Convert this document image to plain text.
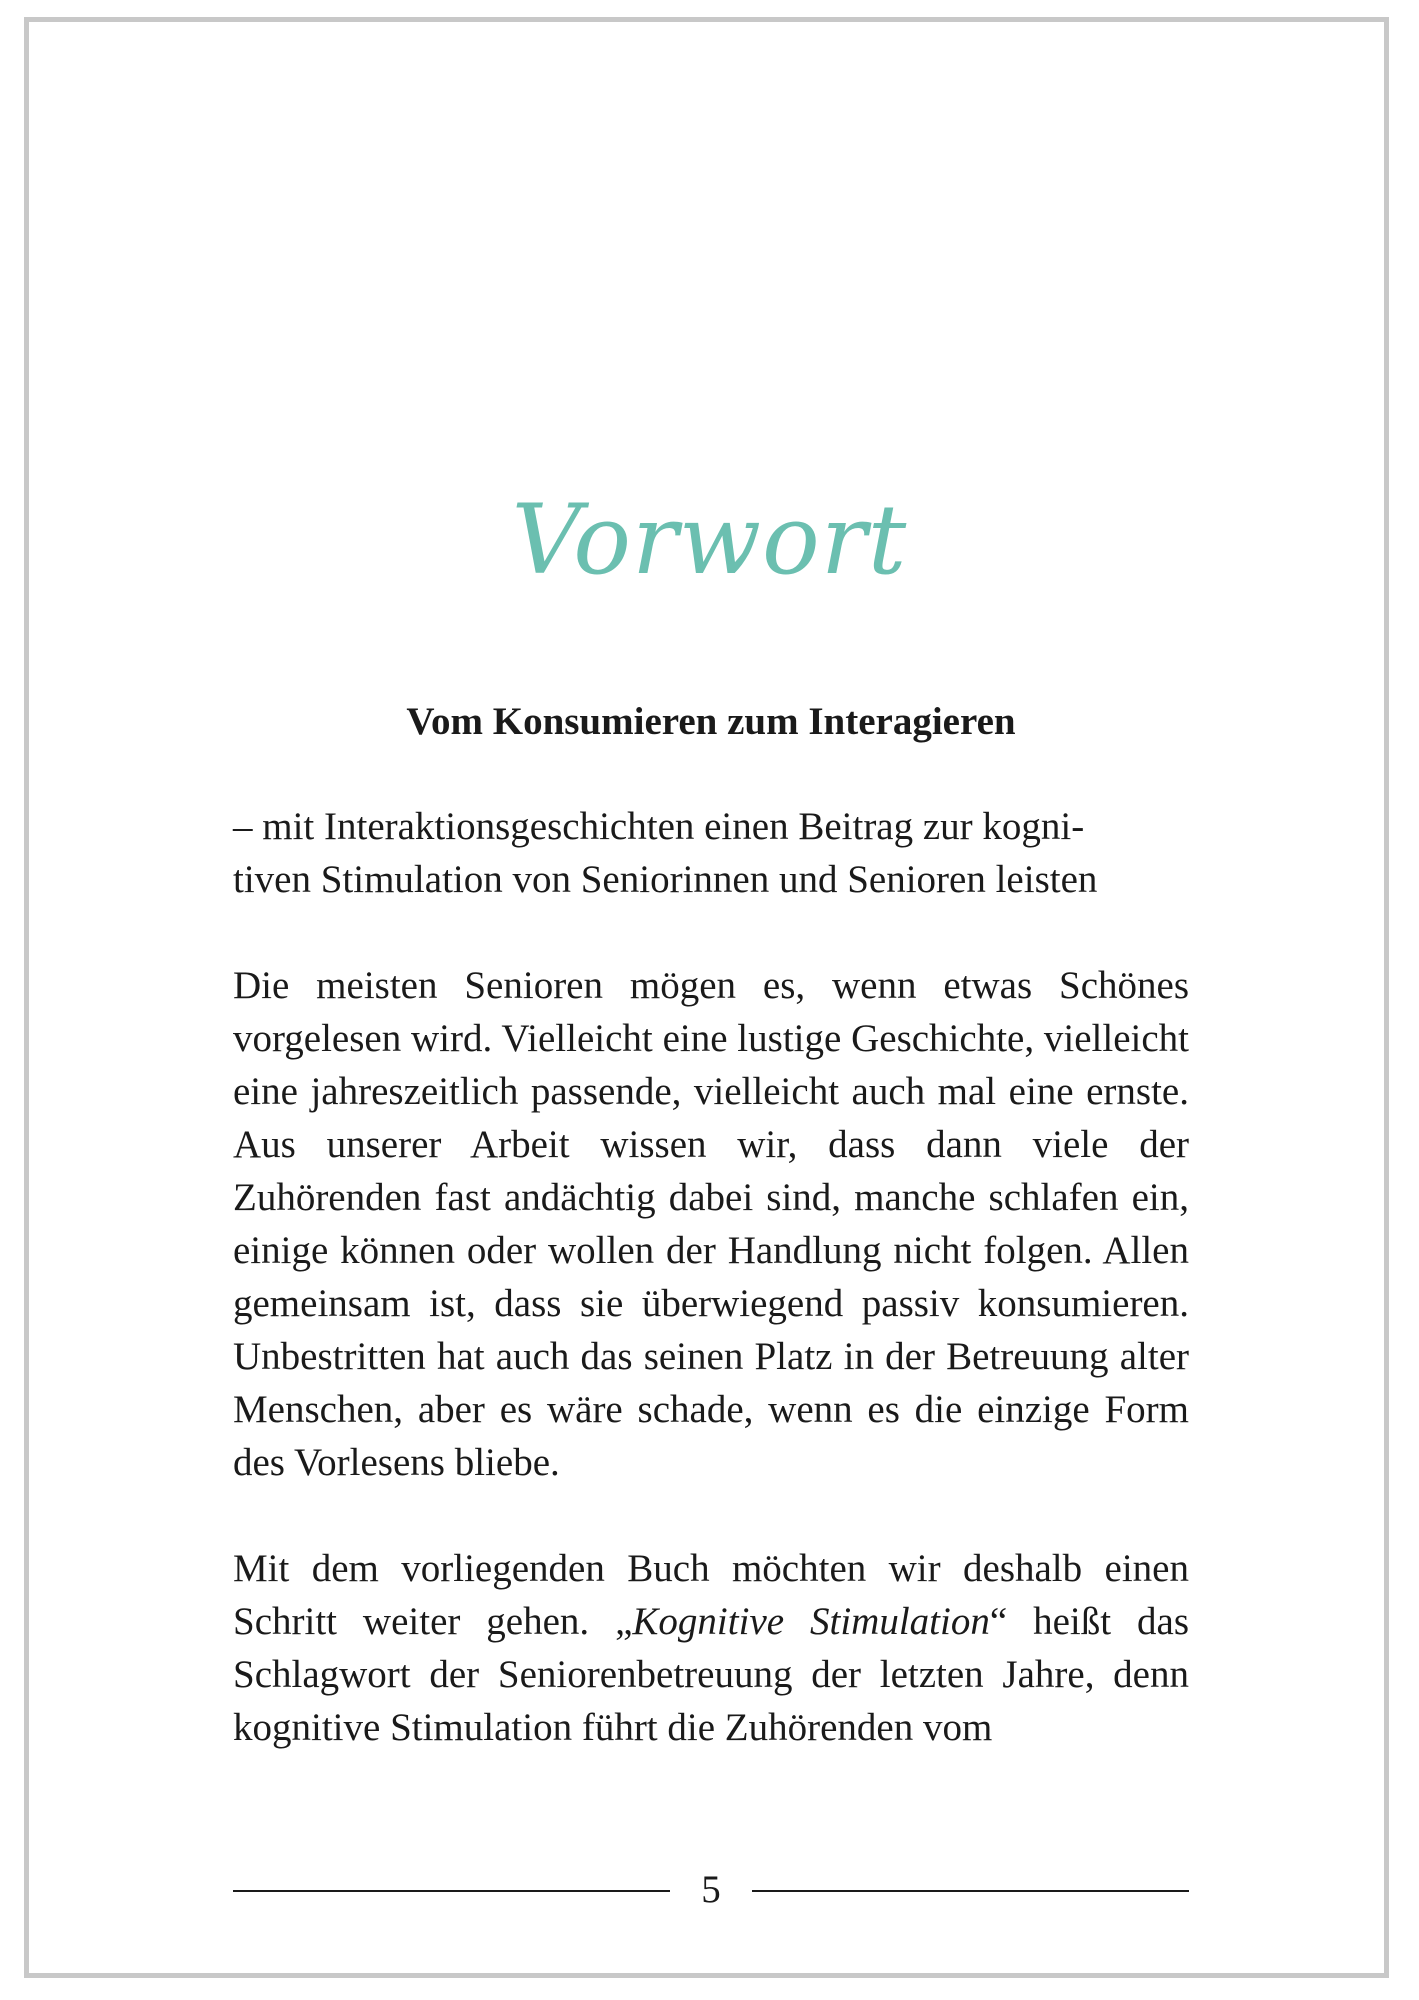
Vorwort
Vom Konsumieren zum Interagieren

– mit Interaktionsgeschichten einen Beitrag zur kogni-
tiven Stimulation von Seniorinnen und Senioren leisten

Die meisten Senioren mögen es, wenn etwas Schönes vorgelesen wird. Vielleicht eine lustige Geschichte, vielleicht eine jahreszeitlich passende, vielleicht auch mal eine ernste. Aus unserer Arbeit wissen wir, dass dann viele der Zuhörenden fast andächtig dabei sind, manche schlafen ein, einige können oder wollen der Handlung nicht folgen. Allen gemeinsam ist, dass sie überwiegend passiv konsumieren. Unbestritten hat auch das seinen Platz in der Betreuung alter Menschen, aber es wäre schade, wenn es die einzige Form des Vorlesens bliebe.

Mit dem vorliegenden Buch möchten wir deshalb einen Schritt weiter gehen. „Kognitive Stimulation“ heißt das Schlagwort der Seniorenbetreuung der letzten Jahre, denn kognitive Stimulation führt die Zuhörenden vom

5
